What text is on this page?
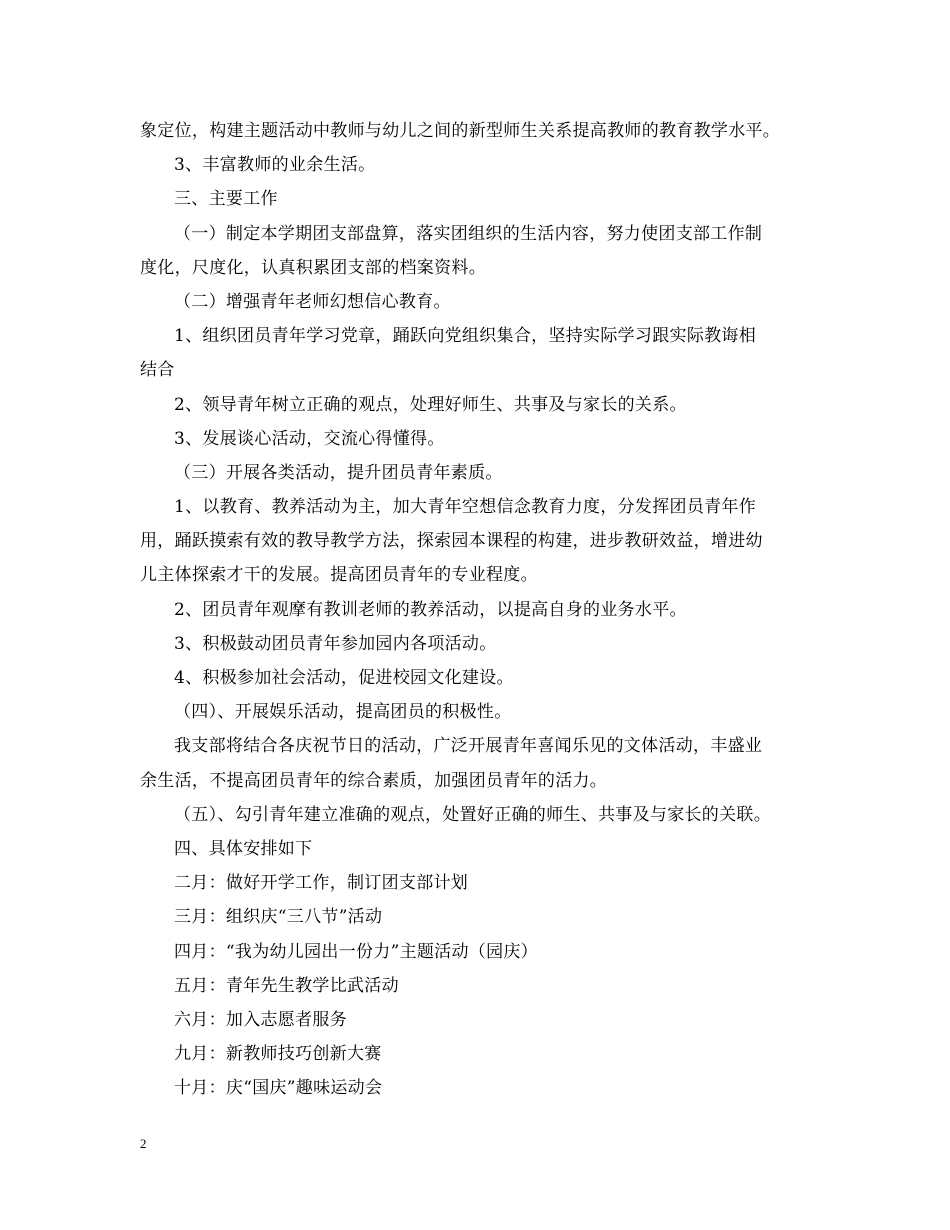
象定位，构建主题活动中教师与幼儿之间的新型师生关系提高教师的教育教学水平。
3、丰富教师的业余生活。
三、主要工作
（一）制定本学期团支部盘算，落实团组织的生活内容，努力使团支部工作制
度化，尺度化，认真积累团支部的档案资料。
（二）增强青年老师幻想信心教育。
1、组织团员青年学习党章，踊跃向党组织集合，坚持实际学习跟实际教诲相
结合
2、领导青年树立正确的观点，处理好师生、共事及与家长的关系。
3、发展谈心活动，交流心得懂得。
（三）开展各类活动，提升团员青年素质。
1、以教育、教养活动为主，加大青年空想信念教育力度，分发挥团员青年作
用，踊跃摸索有效的教导教学方法，探索园本课程的构建，进步教研效益，增进幼
儿主体探索才干的发展。提高团员青年的专业程度。
2、团员青年观摩有教训老师的教养活动，以提高自身的业务水平。
3、积极鼓动团员青年参加园内各项活动。
4、积极参加社会活动，促进校园文化建设。
（四）、开展娱乐活动，提高团员的积极性。
我支部将结合各庆祝节日的活动，广泛开展青年喜闻乐见的文体活动，丰盛业
余生活，不提高团员青年的综合素质，加强团员青年的活力。
（五）、勾引青年建立准确的观点，处置好正确的师生、共事及与家长的关联。
四、具体安排如下
二月：做好开学工作，制订团支部计划
三月：组织庆“三八节”活动
四月：“我为幼儿园出一份力”主题活动（园庆）
五月：青年先生教学比武活动
六月：加入志愿者服务
九月：新教师技巧创新大赛
十月：庆“国庆”趣味运动会
2
